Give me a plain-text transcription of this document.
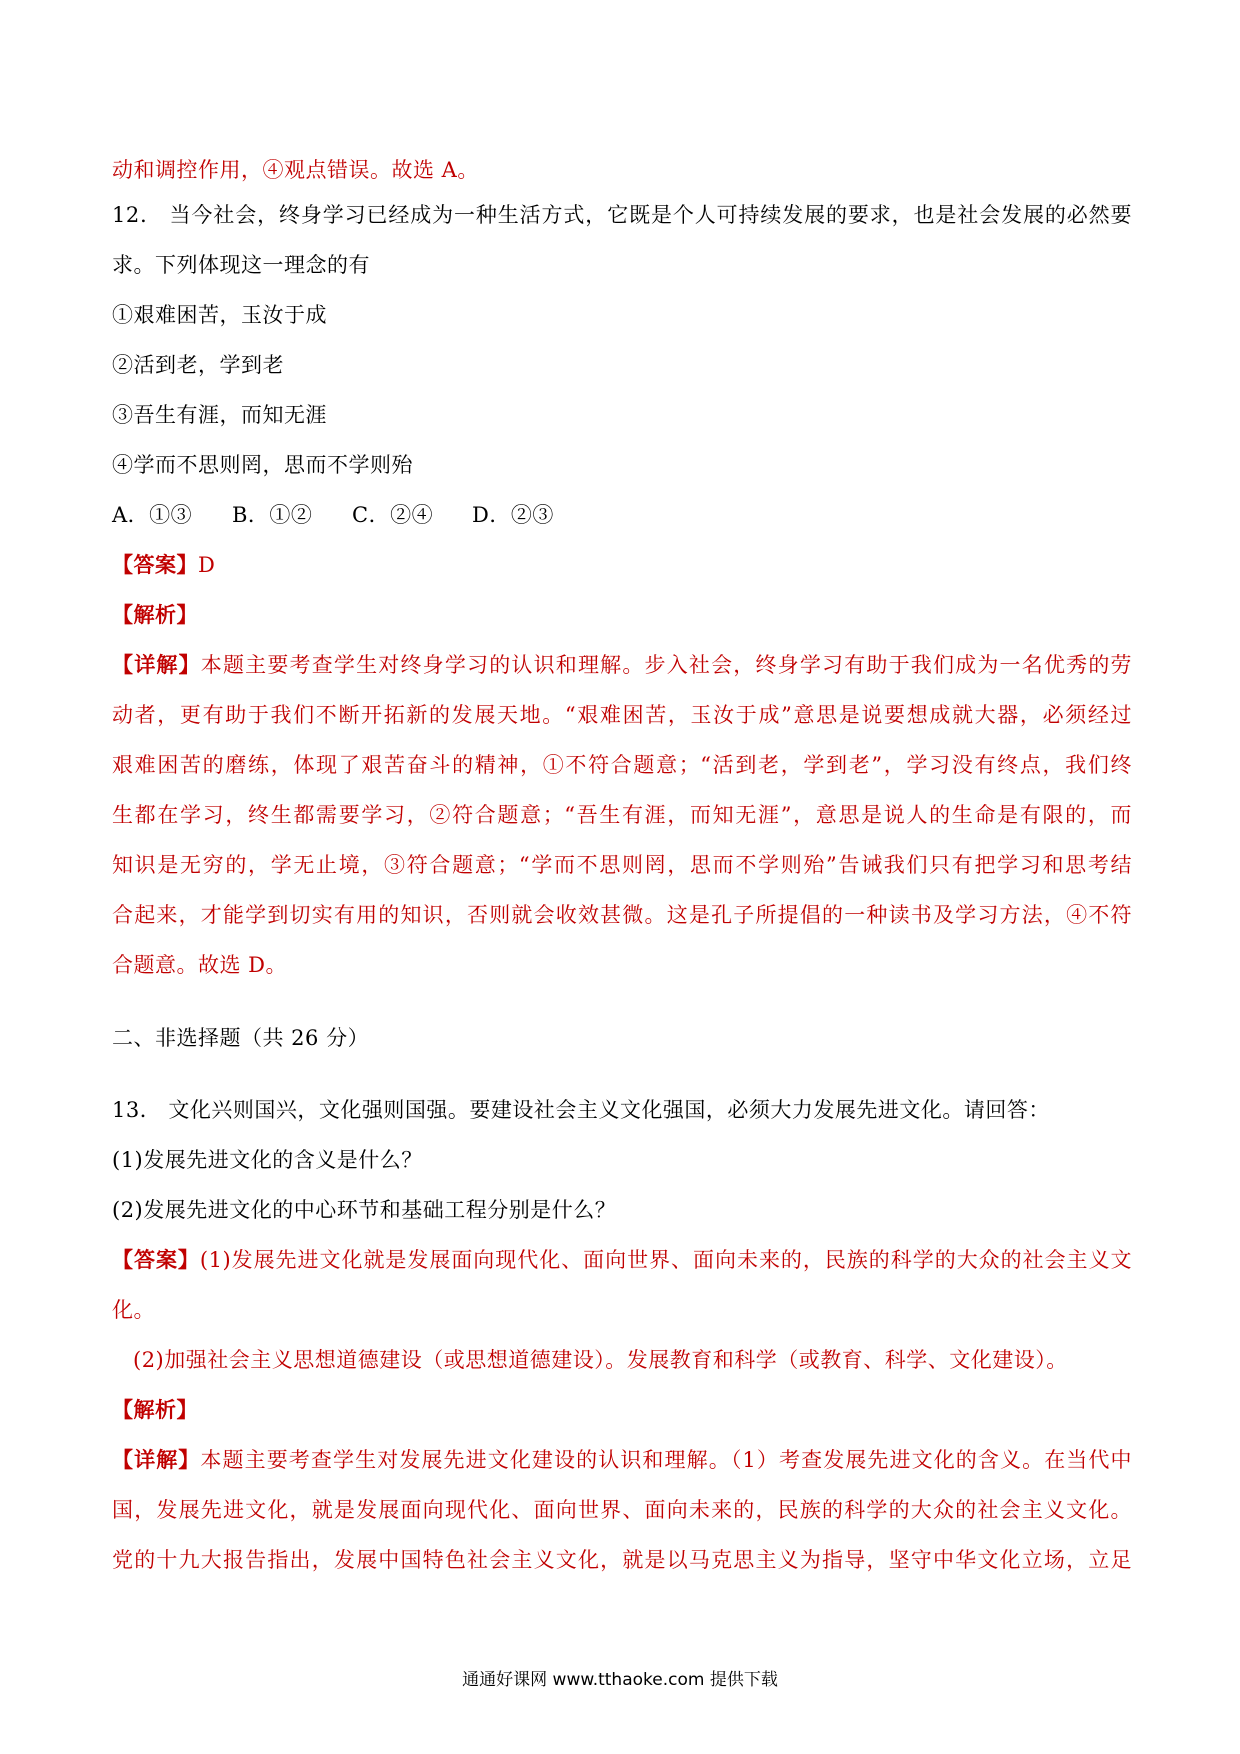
动和调控作用，④观点错误。故选 A。
12． 当今社会，终身学习已经成为一种生活方式，它既是个人可持续发展的要求，也是社会发展的必然要
求。下列体现这一理念的有
①艰难困苦，玉汝于成
②活到老，学到老
③吾生有涯，而知无涯
④学而不思则罔，思而不学则殆
A．①③ B．①② C．②④ D．②③
【答案】D
【解析】
【详解】本题主要考查学生对终身学习的认识和理解。步入社会，终身学习有助于我们成为一名优秀的劳
动者，更有助于我们不断开拓新的发展天地。“艰难困苦，玉汝于成”意思是说要想成就大器，必须经过
艰难困苦的磨练，体现了艰苦奋斗的精神，①不符合题意；“活到老，学到老”，学习没有终点，我们终
生都在学习，终生都需要学习，②符合题意；“吾生有涯，而知无涯”，意思是说人的生命是有限的，而
知识是无穷的，学无止境，③符合题意；“学而不思则罔，思而不学则殆”告诫我们只有把学习和思考结
合起来，才能学到切实有用的知识，否则就会收效甚微。这是孔子所提倡的一种读书及学习方法，④不符
合题意。故选 D。
二、非选择题（共 26 分）
13． 文化兴则国兴，文化强则国强。要建设社会主义文化强国，必须大力发展先进文化。请回答：
(1)发展先进文化的含义是什么？
(2)发展先进文化的中心环节和基础工程分别是什么？
【答案】(1)发展先进文化就是发展面向现代化、面向世界、面向未来的，民族的科学的大众的社会主义文
化。
(2)加强社会主义思想道德建设（或思想道德建设）。发展教育和科学（或教育、科学、文化建设）。
【解析】
【详解】本题主要考查学生对发展先进文化建设的认识和理解。（1）考查发展先进文化的含义。在当代中
国，发展先进文化，就是发展面向现代化、面向世界、面向未来的，民族的科学的大众的社会主义文化。
党的十九大报告指出，发展中国特色社会主义文化，就是以马克思主义为指导，坚守中华文化立场，立足
通通好课网 www.tthaoke.com 提供下载
